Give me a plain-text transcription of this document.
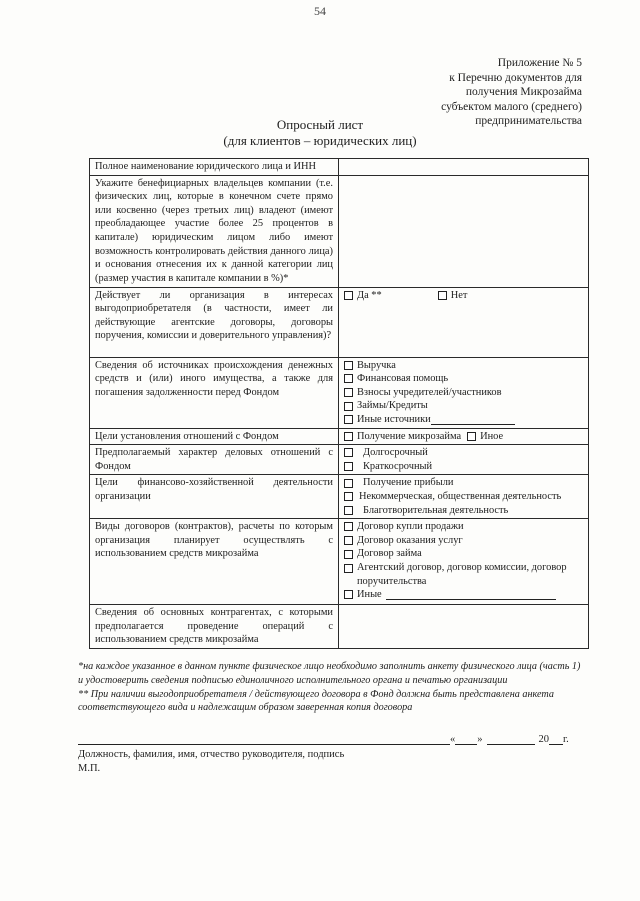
54
Приложение № 5
к Перечню документов для
получения Микрозайма
субъектом малого (среднего)
предпринимательства
Опросный лист
(для клиентов – юридических лиц)
Полное наименование юридического лица и ИНН	

Укажите бенефициарных владельцев компании (т.е. физических лиц, которые в конечном счете прямо или косвенно (через третьих лиц) владеют (имеют преобладающее участие более 25 процентов в капитале) юридическим лицом либо имеют возможность контролировать действия данного лица) и основания отнесения их к данной категории лиц (размер участия в капитале компании в %)*	

Действует ли организация в интересах выгодоприобретателя (в частности, имеет ли действующие агентские договоры, договоры поручения, комиссии и доверительного управления)?	Да ** Нет

Сведения об источниках происхождения денежных средств и (или) иного имущества, а также для погашения задолженности перед Фондом	Выручка
Финансовая помощь
Взносы учредителей/участников
Займы/Кредиты
Иные источники

Цели установления отношений с Фондом	Получение микрозайма Иное

Предполагаемый характер деловых отношений с Фондом	Долгосрочный
Краткосрочный

Цели финансово-хозяйственной деятельности организации	Получение прибыли
Некоммерческая, общественная деятельность
Благотворительная деятельность

Виды договоров (контрактов), расчеты по которым организация планирует осуществлять с использованием средств микрозайма	Договор купли продажи
Договор оказания услуг
Договор займа
Агентский договор, договор комиссии, договор поручительства
Иные

Сведения об основных контрагентах, с которыми предполагается проведение операций с использованием средств микрозайма	

*на каждое указанное в данном пункте физическое лицо необходимо заполнить анкету физического лица (часть 1) и удостоверить сведения подписью единоличного исполнительного органа и печатью организации
** При наличии выгодоприобретателя / действующего договора в Фонд должна быть представлена анкета соответствующего вида и надлежащим образом заверенная копия договора
« »	20 г.
Должность, фамилия, имя, отчество руководителя, подпись
М.П.
